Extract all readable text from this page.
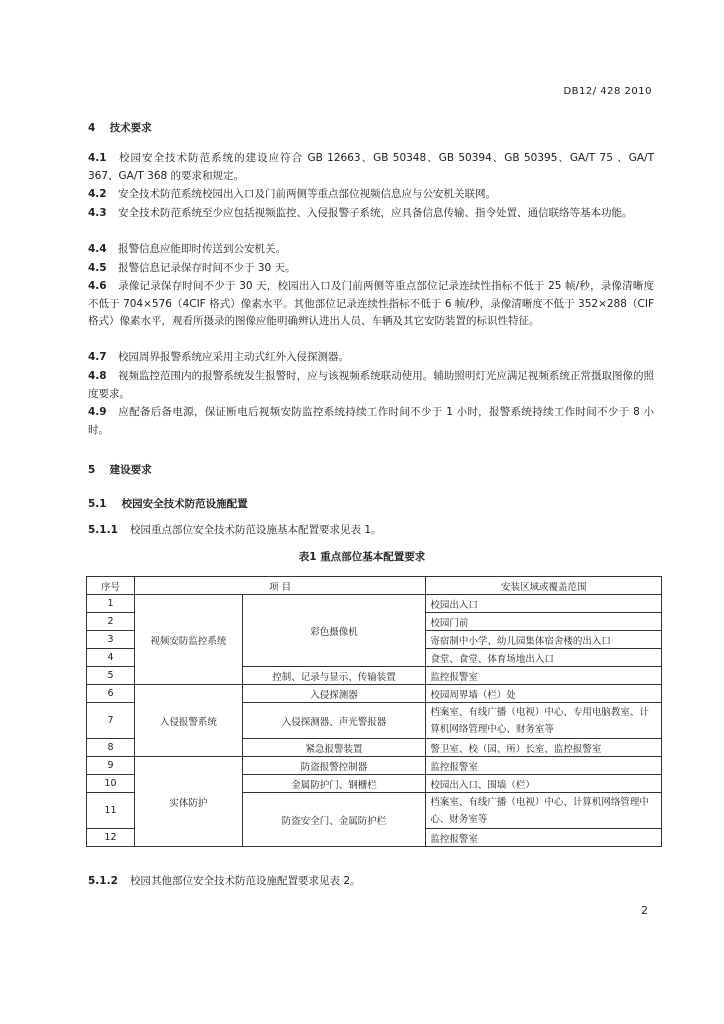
DB12/ 428 2010
4 技术要求
4.1 校园安全技术防范系统的建设应符合 GB 12663、GB 50348、GB 50394、GB 50395、GA/T 75 、GA/T 367、GA/T 368 的要求和规定。
4.2 安全技术防范系统校园出入口及门前两侧等重点部位视频信息应与公安机关联网。
4.3 安全技术防范系统至少应包括视频监控、入侵报警子系统，应具备信息传输、指令处置、通信联络等基本功能。
4.4 报警信息应能即时传送到公安机关。
4.5 报警信息记录保存时间不少于 30 天。
4.6 录像记录保存时间不少于 30 天，校园出入口及门前两侧等重点部位记录连续性指标不低于 25 帧/秒，录像清晰度不低于 704×576（4CIF 格式）像素水平。其他部位记录连续性指标不低于 6 帧/秒，录像清晰度不低于 352×288（CIF 格式）像素水平，观看所摄录的图像应能明确辨认进出人员、车辆及其它安防装置的标识性特征。
4.7 校园周界报警系统应采用主动式红外入侵探测器。
4.8 视频监控范围内的报警系统发生报警时，应与该视频系统联动使用。辅助照明灯光应满足视频系统正常摄取图像的照度要求。
4.9 应配备后备电源，保证断电后视频安防监控系统持续工作时间不少于 1 小时，报警系统持续工作时间不少于 8 小时。
5 建设要求
5.1 校园安全技术防范设施配置
5.1.1 校园重点部位安全技术防范设施基本配置要求见表 1。
表1 重点部位基本配置要求
序号	项 目		安装区域或覆盖范围
1	视频安防监控系统	彩色摄像机	校园出入口
2			校园门前
3			寄宿制中小学、幼儿园集体宿舍楼的出入口
4			食堂、食堂、体育场地出入口
5		控制、记录与显示、传输装置	监控报警室
6	入侵报警系统	入侵探测器	校园周界墙（栏）处
7		入侵探测器、声光警报器	档案室、有线广播（电视）中心、专用电脑教室、计算机网络管理中心、财务室等
8		紧急报警装置	警卫室、校（园、所）长室、监控报警室
9	实体防护	防盗报警控制器	监控报警室
10		金属防护门、钢栅栏	校园出入口、围墙（栏）
11		防盗安全门、金属防护栏	档案室、有线广播（电视）中心、计算机网络管理中心、财务室等
12			监控报警室
5.1.2 校园其他部位安全技术防范设施配置要求见表 2。
2
